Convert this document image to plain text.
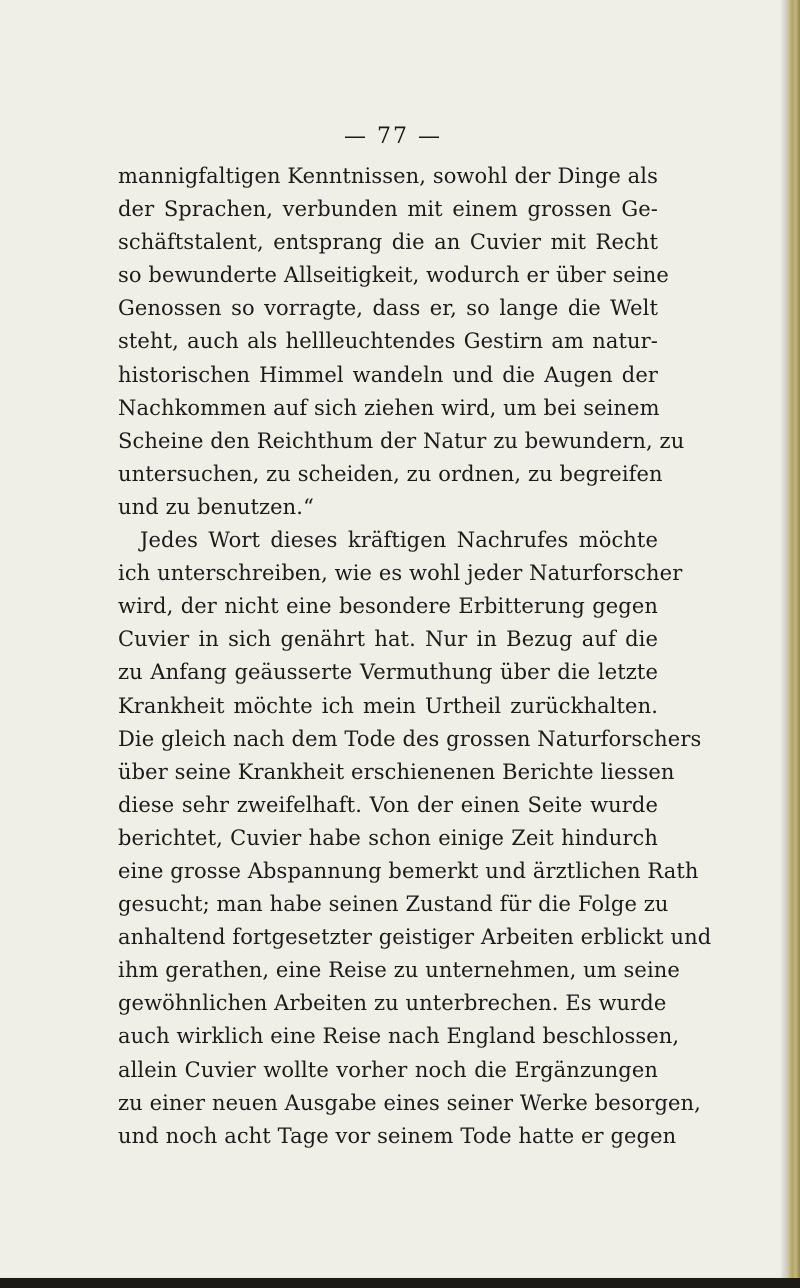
— 77 —
mannigfaltigen Kenntnissen, sowohl der Dinge als
der Sprachen, verbunden mit einem grossen Ge-
schäftstalent, entsprang die an Cuvier mit Recht
so bewunderte Allseitigkeit, wodurch er über seine
Genossen so vorragte, dass er, so lange die Welt
steht, auch als hellleuchtendes Gestirn am natur-
historischen Himmel wandeln und die Augen der
Nachkommen auf sich ziehen wird, um bei seinem
Scheine den Reichthum der Natur zu bewundern, zu
untersuchen, zu scheiden, zu ordnen, zu begreifen
und zu benutzen.“
Jedes Wort dieses kräftigen Nachrufes möchte
ich unterschreiben, wie es wohl jeder Naturforscher
wird, der nicht eine besondere Erbitterung gegen
Cuvier in sich genährt hat. Nur in Bezug auf die
zu Anfang geäusserte Vermuthung über die letzte
Krankheit möchte ich mein Urtheil zurückhalten.
Die gleich nach dem Tode des grossen Naturforschers
über seine Krankheit erschienenen Berichte liessen
diese sehr zweifelhaft. Von der einen Seite wurde
berichtet, Cuvier habe schon einige Zeit hindurch
eine grosse Abspannung bemerkt und ärztlichen Rath
gesucht; man habe seinen Zustand für die Folge zu
anhaltend fortgesetzter geistiger Arbeiten erblickt und
ihm gerathen, eine Reise zu unternehmen, um seine
gewöhnlichen Arbeiten zu unterbrechen. Es wurde
auch wirklich eine Reise nach England beschlossen,
allein Cuvier wollte vorher noch die Ergänzungen
zu einer neuen Ausgabe eines seiner Werke besorgen,
und noch acht Tage vor seinem Tode hatte er gegen
